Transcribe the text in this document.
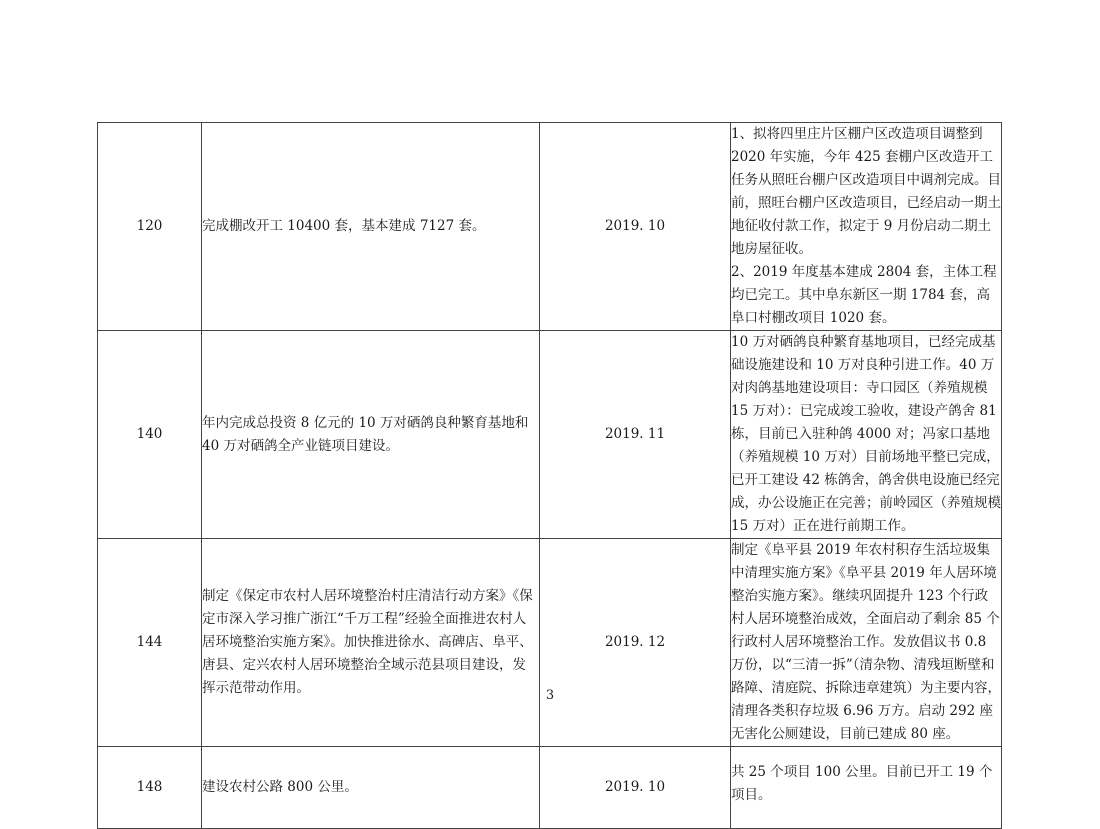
120	完成棚改开工 10400 套，基本建成 7127 套。	2019. 10	1、拟将四里庄片区棚户区改造项目调整到 2020 年实施，今年 425 套棚户区改造开工任务从照旺台棚户区改造项目中调剂完成。目前，照旺台棚户区改造项目，已经启动一期土地征收付款工作，拟定于 9 月份启动二期土地房屋征收。

2、2019 年度基本建成 2804 套，主体工程均已完工。其中阜东新区一期 1784 套，高阜口村棚改项目 1020 套。

140	年内完成总投资 8 亿元的 10 万对硒鸽良种繁育基地和 40 万对硒鸽全产业链项目建设。	2019. 11	10 万对硒鸽良种繁育基地项目，已经完成基础设施建设和 10 万对良种引进工作。40 万对肉鸽基地建设项目：寺口园区（养殖规模 15 万对）：已完成竣工验收，建设产鸽舍 81 栋，目前已入驻种鸽 4000 对；冯家口基地（养殖规模 10 万对）目前场地平整已完成，已开工建设 42 栋鸽舍，鸽舍供电设施已经完成，办公设施正在完善；前岭园区（养殖规模 15 万对）正在进行前期工作。

144	制定《保定市农村人居环境整治村庄清洁行动方案》《保定市深入学习推广浙江“千万工程”经验全面推进农村人居环境整治实施方案》。加快推进徐水、高碑店、阜平、唐县、定兴农村人居环境整治全域示范县项目建设，发挥示范带动作用。	2019. 12	制定《阜平县 2019 年农村积存生活垃圾集中清理实施方案》《阜平县 2019 年人居环境整治实施方案》。继续巩固提升 123 个行政村人居环境整治成效，全面启动了剩余 85 个行政村人居环境整治工作。发放倡议书 0.8 万份，以“三清一拆”（清杂物、清残垣断壁和路障、清庭院、拆除违章建筑）为主要内容，清理各类积存垃圾 6.96 万方。启动 292 座无害化公厕建设，目前已建成 80 座。

148	建设农村公路 800 公里。	2019. 10	共 25 个项目 100 公里。目前已开工 19 个项目。

3
